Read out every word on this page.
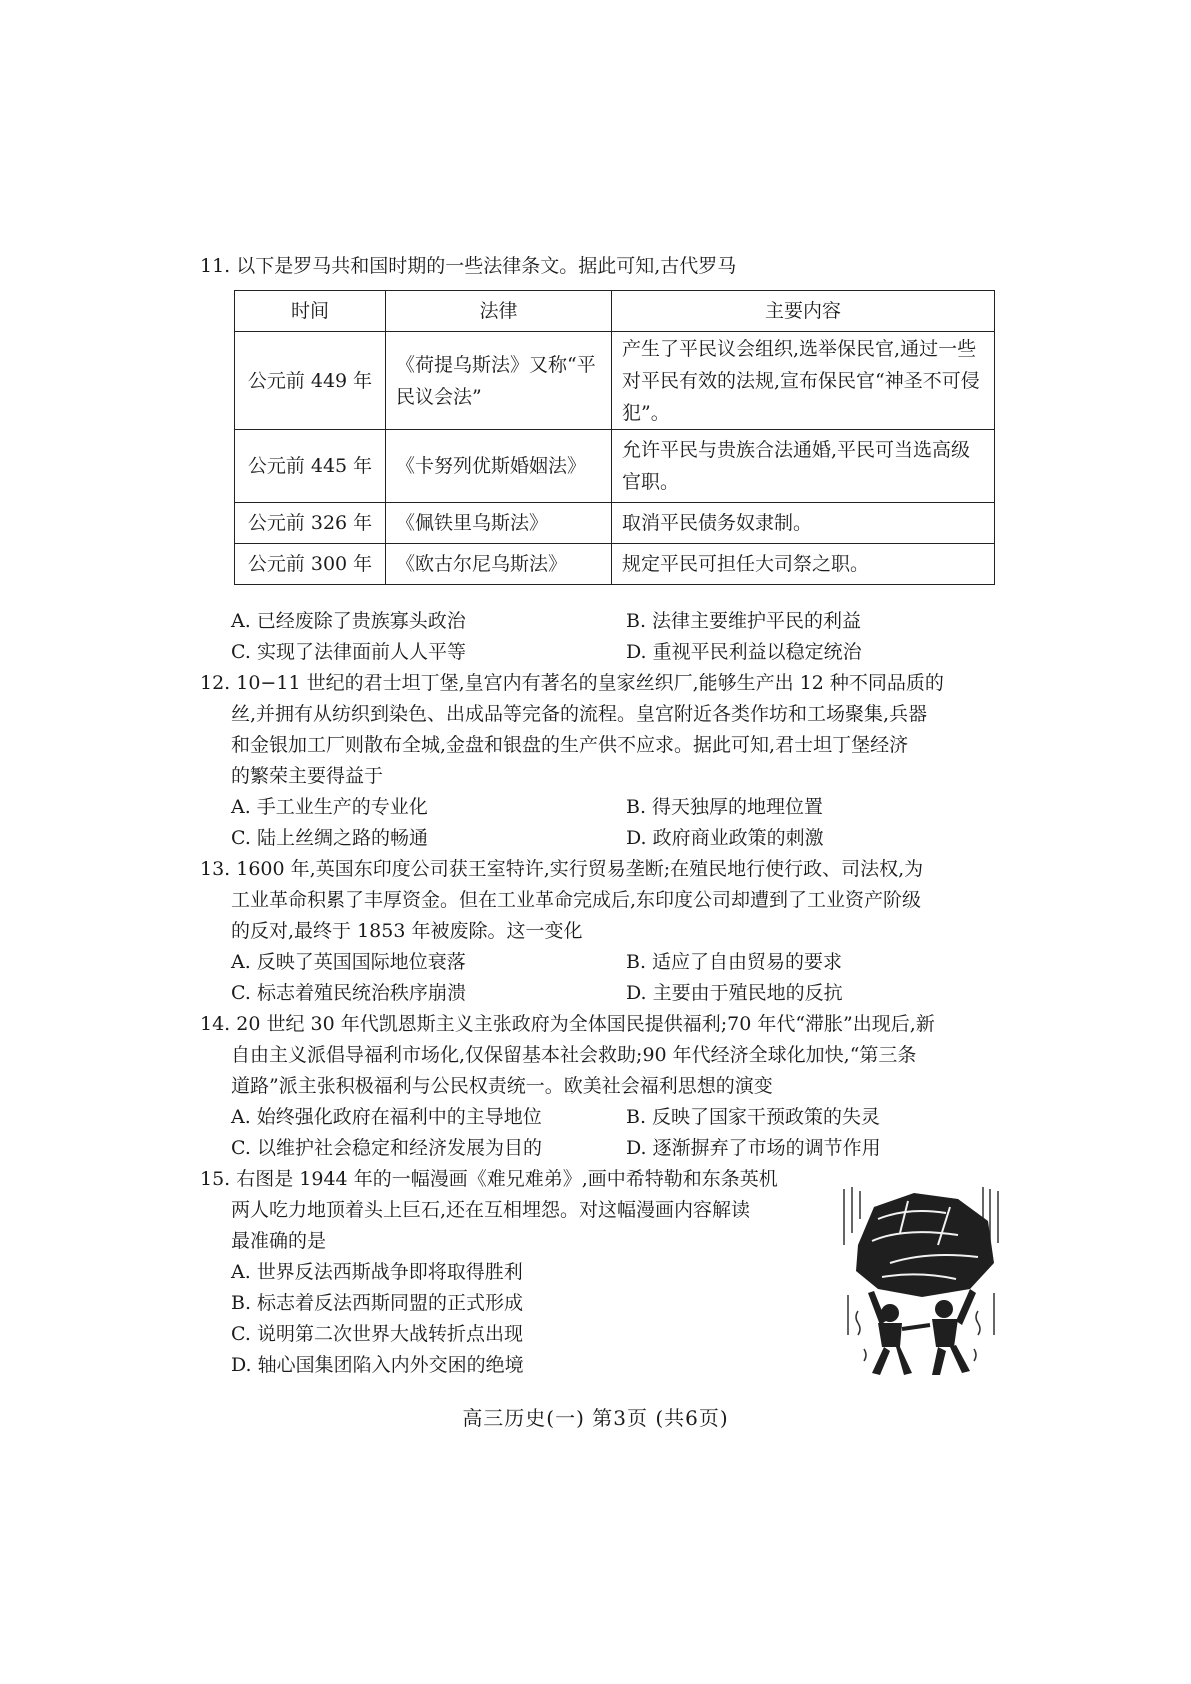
11. 以下是罗马共和国时期的一些法律条文。据此可知,古代罗马
时间	法律	主要内容
公元前 449 年	《荷提乌斯法》又称“平民议会法”	产生了平民议会组织,选举保民官,通过一些对平民有效的法规,宣布保民官“神圣不可侵犯”。
公元前 445 年	《卡努列优斯婚姻法》	允许平民与贵族合法通婚,平民可当选高级官职。
公元前 326 年	《佩铁里乌斯法》	取消平民债务奴隶制。
公元前 300 年	《欧古尔尼乌斯法》	规定平民可担任大司祭之职。
A. 已经废除了贵族寡头政治	B. 法律主要维护平民的利益
C. 实现了法律面前人人平等	D. 重视平民利益以稳定统治
12. 10−11 世纪的君士坦丁堡,皇宫内有著名的皇家丝织厂,能够生产出 12 种不同品质的
丝,并拥有从纺织到染色、出成品等完备的流程。皇宫附近各类作坊和工场聚集,兵器
和金银加工厂则散布全城,金盘和银盘的生产供不应求。据此可知,君士坦丁堡经济
的繁荣主要得益于
A. 手工业生产的专业化	B. 得天独厚的地理位置
C. 陆上丝绸之路的畅通	D. 政府商业政策的刺激
13. 1600 年,英国东印度公司获王室特许,实行贸易垄断;在殖民地行使行政、司法权,为
工业革命积累了丰厚资金。但在工业革命完成后,东印度公司却遭到了工业资产阶级
的反对,最终于 1853 年被废除。这一变化
A. 反映了英国国际地位衰落	B. 适应了自由贸易的要求
C. 标志着殖民统治秩序崩溃	D. 主要由于殖民地的反抗
14. 20 世纪 30 年代凯恩斯主义主张政府为全体国民提供福利;70 年代“滞胀”出现后,新
自由主义派倡导福利市场化,仅保留基本社会救助;90 年代经济全球化加快,“第三条
道路”派主张积极福利与公民权责统一。欧美社会福利思想的演变
A. 始终强化政府在福利中的主导地位	B. 反映了国家干预政策的失灵
C. 以维护社会稳定和经济发展为目的	D. 逐渐摒弃了市场的调节作用
15. 右图是 1944 年的一幅漫画《难兄难弟》,画中希特勒和东条英机
两人吃力地顶着头上巨石,还在互相埋怨。对这幅漫画内容解读
最准确的是
A. 世界反法西斯战争即将取得胜利
B. 标志着反法西斯同盟的正式形成
C. 说明第二次世界大战转折点出现
D. 轴心国集团陷入内外交困的绝境
高三历史(一) 第3页 (共6页)
